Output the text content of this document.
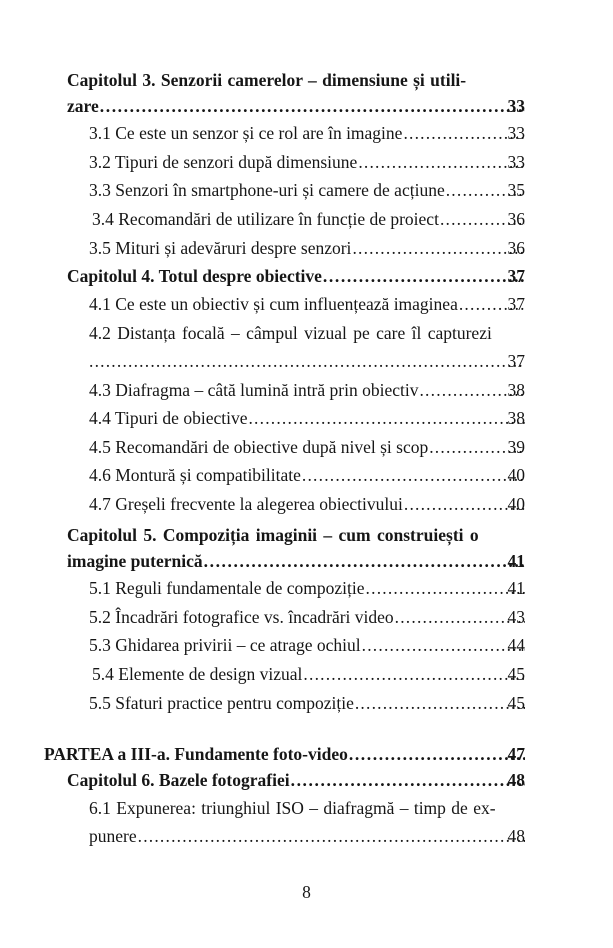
Capitolul 3. Senzorii camerelor – dimensiune și utili-
zare	33
.....
3.1 Ce este un senzor și ce rol are în imagine	33
.....
3.2 Tipuri de senzori după dimensiune	33
.....
3.3 Senzori în smartphone-uri și camere de acțiune	35
.....
3.4 Recomandări de utilizare în funcție de proiect	36
.....
3.5 Mituri și adevăruri despre senzori	36
.....
Capitolul 4. Totul despre obiective	37
.....
4.1 Ce este un obiectiv și cum influențează imaginea	37
.....
4.2 Distanța focală – câmpul vizual pe care îl capturezi
37
.....
4.3 Diafragma – câtă lumină intră prin obiectiv	38
.....
4.4 Tipuri de obiective	38
.....
4.5 Recomandări de obiective după nivel și scop	39
.....
4.6 Montură și compatibilitate	40
.....
4.7 Greșeli frecvente la alegerea obiectivului	40
.....
Capitolul 5. Compoziția imaginii – cum construiești o
imagine puternică	41
.....
5.1 Reguli fundamentale de compoziție	41
.....
5.2 Încadrări fotografice vs. încadrări video	43
.....
5.3 Ghidarea privirii – ce atrage ochiul	44
.....
5.4 Elemente de design vizual	45
.....
5.5 Sfaturi practice pentru compoziție	45
.....
PARTEA a III-a. Fundamente foto-video	47
.....
Capitolul 6. Bazele fotografiei	48
.....
6.1 Expunerea: triunghiul ISO – diafragmă – timp de ex-
punere	48
.....
8
